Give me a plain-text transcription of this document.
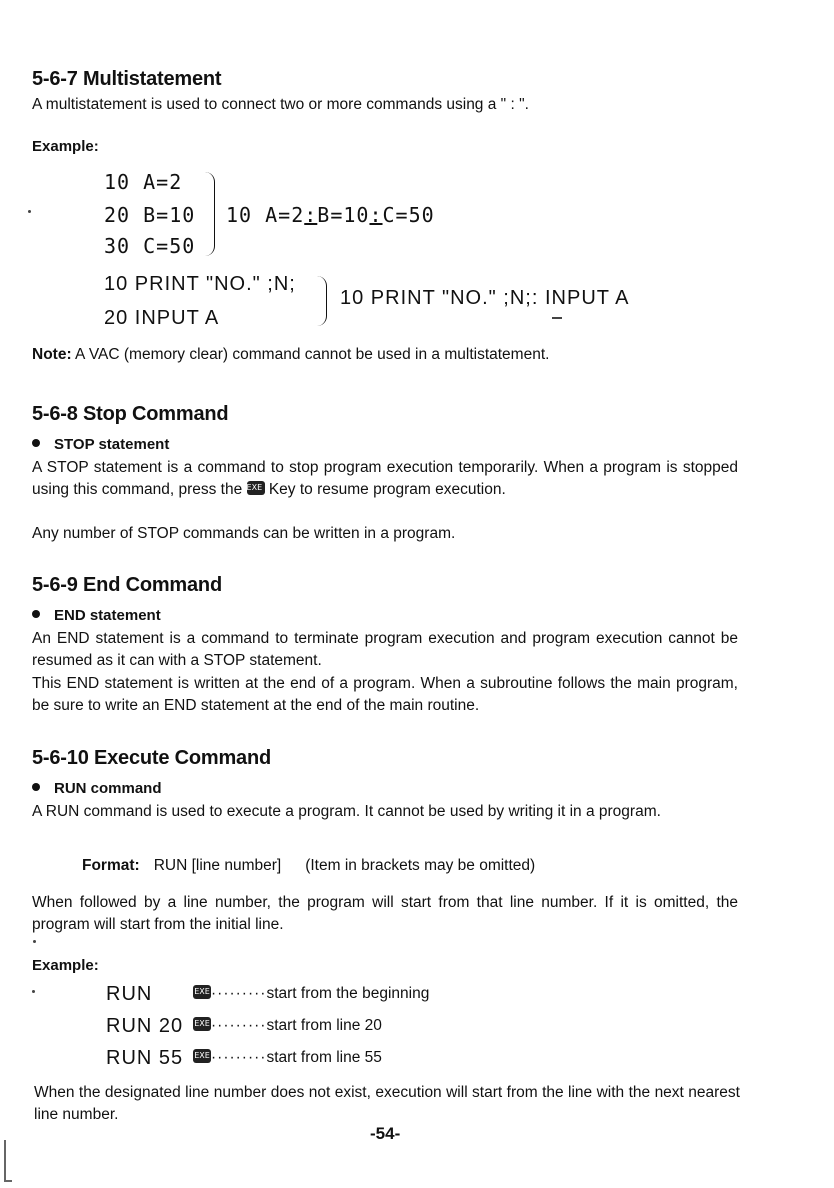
5-6-7 Multistatement
A multistatement is used to connect two or more commands using a " : ".
Example:
10 A=2
20 B=10
30 C=50
10 A=2:B=10:C=50
10 PRINT "NO." ;N;
20 INPUT A
10 PRINT "NO." ;N;: INPUT A
Note: A VAC (memory clear) command cannot be used in a multistatement.
5-6-8 Stop Command
STOP statement
A STOP statement is a command to stop program execution temporarily. When a program is stopped using this command, press the EXE Key to resume program execution.
Any number of STOP commands can be written in a program.
5-6-9 End Command
END statement
An END statement is a command to terminate program execution and program execution cannot be resumed as it can with a STOP statement.
This END statement is written at the end of a program. When a subroutine follows the main program, be sure to write an END statement at the end of the main routine.
5-6-10 Execute Command
RUN command
A RUN command is used to execute a program. It cannot be used by writing it in a program.
Format: RUN [line number] (Item in brackets may be omitted)
When followed by a line number, the program will start from that line number. If it is omitted, the program will start from the initial line.
Example:
RUN	EXE·········start from the beginning
RUN 20 EXE·········start from line 20
RUN 55 EXE·········start from line 55
When the designated line number does not exist, execution will start from the line with the next nearest line number.
-54-
